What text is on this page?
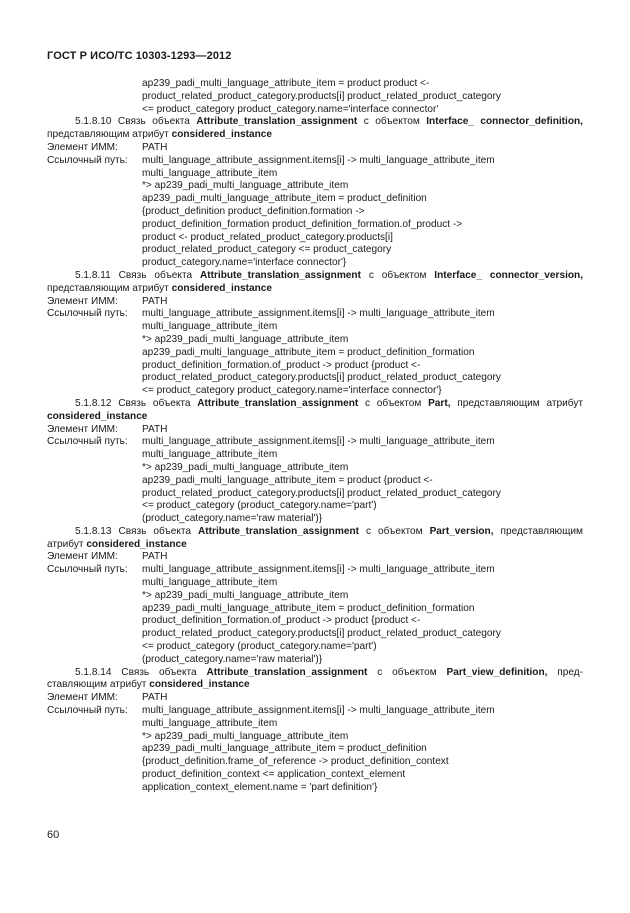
ГОСТ Р ИСО/ТС 10303-1293—2012
ap239_padi_multi_language_attribute_item = product product <-
product_related_product_category.products[i] product_related_product_category
<= product_category product_category.name='interface connector'
5.1.8.10 Связь объекта Attribute_translation_assignment с объектом Interface_ connector_definition, представляющим атрибут considered_instance
Элемент ИММ:	PATH
Ссылочный путь:	multi_language_attribute_assignment.items[i] -> multi_language_attribute_item
multi_language_attribute_item
*> ap239_padi_multi_language_attribute_item
ap239_padi_multi_language_attribute_item = product_definition
{product_definition product_definition.formation ->
product_definition_formation product_definition_formation.of_product ->
product <- product_related_product_category.products[i]
product_related_product_category <= product_category
product_category.name='interface connector'}
5.1.8.11 Связь объекта Attribute_translation_assignment с объектом Interface_ connector_version, представляющим атрибут considered_instance
Элемент ИММ:	PATH
Ссылочный путь:	multi_language_attribute_assignment.items[i] -> multi_language_attribute_item
multi_language_attribute_item
*> ap239_padi_multi_language_attribute_item
ap239_padi_multi_language_attribute_item = product_definition_formation
product_definition_formation.of_product -> product {product <-
product_related_product_category.products[i] product_related_product_category
<= product_category product_category.name='interface connector'}
5.1.8.12 Связь объекта Attribute_translation_assignment с объектом Part, представляющим атрибут considered_instance
Элемент ИММ:	PATH
Ссылочный путь:	multi_language_attribute_assignment.items[i] -> multi_language_attribute_item
multi_language_attribute_item
*> ap239_padi_multi_language_attribute_item
ap239_padi_multi_language_attribute_item = product {product <-
product_related_product_category.products[i] product_related_product_category
<= product_category (product_category.name='part')
(product_category.name='raw material')}
5.1.8.13 Связь объекта Attribute_translation_assignment с объектом Part_version, представляющим атрибут considered_instance
Элемент ИММ:	PATH
Ссылочный путь:	multi_language_attribute_assignment.items[i] -> multi_language_attribute_item
multi_language_attribute_item
*> ap239_padi_multi_language_attribute_item
ap239_padi_multi_language_attribute_item = product_definition_formation
product_definition_formation.of_product -> product {product <-
product_related_product_category.products[i] product_related_product_category
<= product_category (product_category.name='part')
(product_category.name='raw material')}
5.1.8.14 Связь объекта Attribute_translation_assignment с объектом Part_view_definition, пред- ставляющим атрибут considered_instance
Элемент ИММ:	PATH
Ссылочный путь:	multi_language_attribute_assignment.items[i] -> multi_language_attribute_item
multi_language_attribute_item
*> ap239_padi_multi_language_attribute_item
ap239_padi_multi_language_attribute_item = product_definition
{product_definition.frame_of_reference -> product_definition_context
product_definition_context <= application_context_element
application_context_element.name = 'part definition'}
60
